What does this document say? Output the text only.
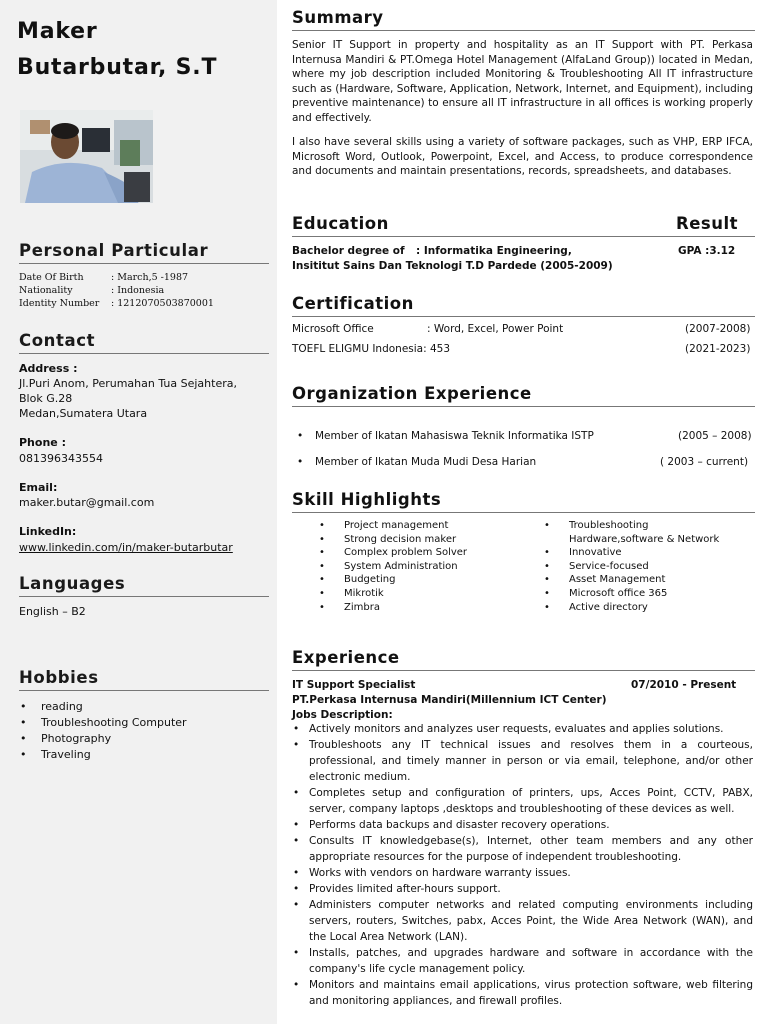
Maker
Butarbutar, S.T
Personal Particular
Date Of Birth	: March,5 -1987
Nationality	: Indonesia
Identity Number : 1212070503870001
Contact
Address :
Jl.Puri Anom, Perumahan Tua Sejahtera,
Blok G.28
Medan,Sumatera Utara
Phone :
081396343554
Email:
maker.butar@gmail.com
LinkedIn:
www.linkedin.com/in/maker-butarbutar
Languages
English – B2
Hobbies
• reading
• Troubleshooting Computer
• Photography
• Traveling
Summary
Senior IT Support in property and hospitality as an IT Support with PT. Perkasa Internusa Mandiri & PT.Omega Hotel Management (AlfaLand Group)) located in Medan, where my job description included Monitoring & Troubleshooting All IT infrastructure such as (Hardware, Software, Application, Network, Internet, and Equipment), including preventive maintenance) to ensure all IT infrastructure in all offices is working properly and effectively.
I also have several skills using a variety of software packages, such as VHP, ERP IFCA, Microsoft Word, Outlook, Powerpoint, Excel, and Access, to produce correspondence and documents and maintain presentations, records, spreadsheets, and databases.
Education	Result
Bachelor degree of : Informatika Engineering,
Insititut Sains Dan Teknologi T.D Pardede (2005-2009)
GPA :3.12
Certification
Microsoft Office	: Word, Excel, Power Point	(2007-2008)
TOEFL ELIGMU Indonesia: 453	(2021-2023)
Organization Experience
• Member of Ikatan Mahasiswa Teknik Informatika ISTP	(2005 – 2008)
• Member of Ikatan Muda Mudi Desa Harian	( 2003 – current)
Skill Highlights
• Project management
• Strong decision maker
• Complex problem Solver
• System Administration
• Budgeting
• Mikrotik
• Zimbra
• Troubleshooting
Hardware,software & Network
• Innovative
• Service-focused
• Asset Management
• Microsoft office 365
• Active directory
Experience
IT Support Specialist	07/2010 - Present
PT.Perkasa Internusa Mandiri(Millennium ICT Center)
Jobs Description:
• Actively monitors and analyzes user requests, evaluates and applies solutions.
• Troubleshoots any IT technical issues and resolves them in a courteous, professional, and timely manner in person or via email, telephone, and/or other electronic medium.
• Completes setup and configuration of printers, ups, Acces Point, CCTV, PABX, server, company laptops ,desktops and troubleshooting of these devices as well.
• Performs data backups and disaster recovery operations.
• Consults IT knowledgebase(s), Internet, other team members and any other appropriate resources for the purpose of independent troubleshooting.
• Works with vendors on hardware warranty issues.
• Provides limited after-hours support.
• Administers computer networks and related computing environments including servers, routers, Switches, pabx, Acces Point, the Wide Area Network (WAN), and the Local Area Network (LAN).
• Installs, patches, and upgrades hardware and software in accordance with the company's life cycle management policy.
• Monitors and maintains email applications, virus protection software, web filtering and monitoring appliances, and firewall profiles.
